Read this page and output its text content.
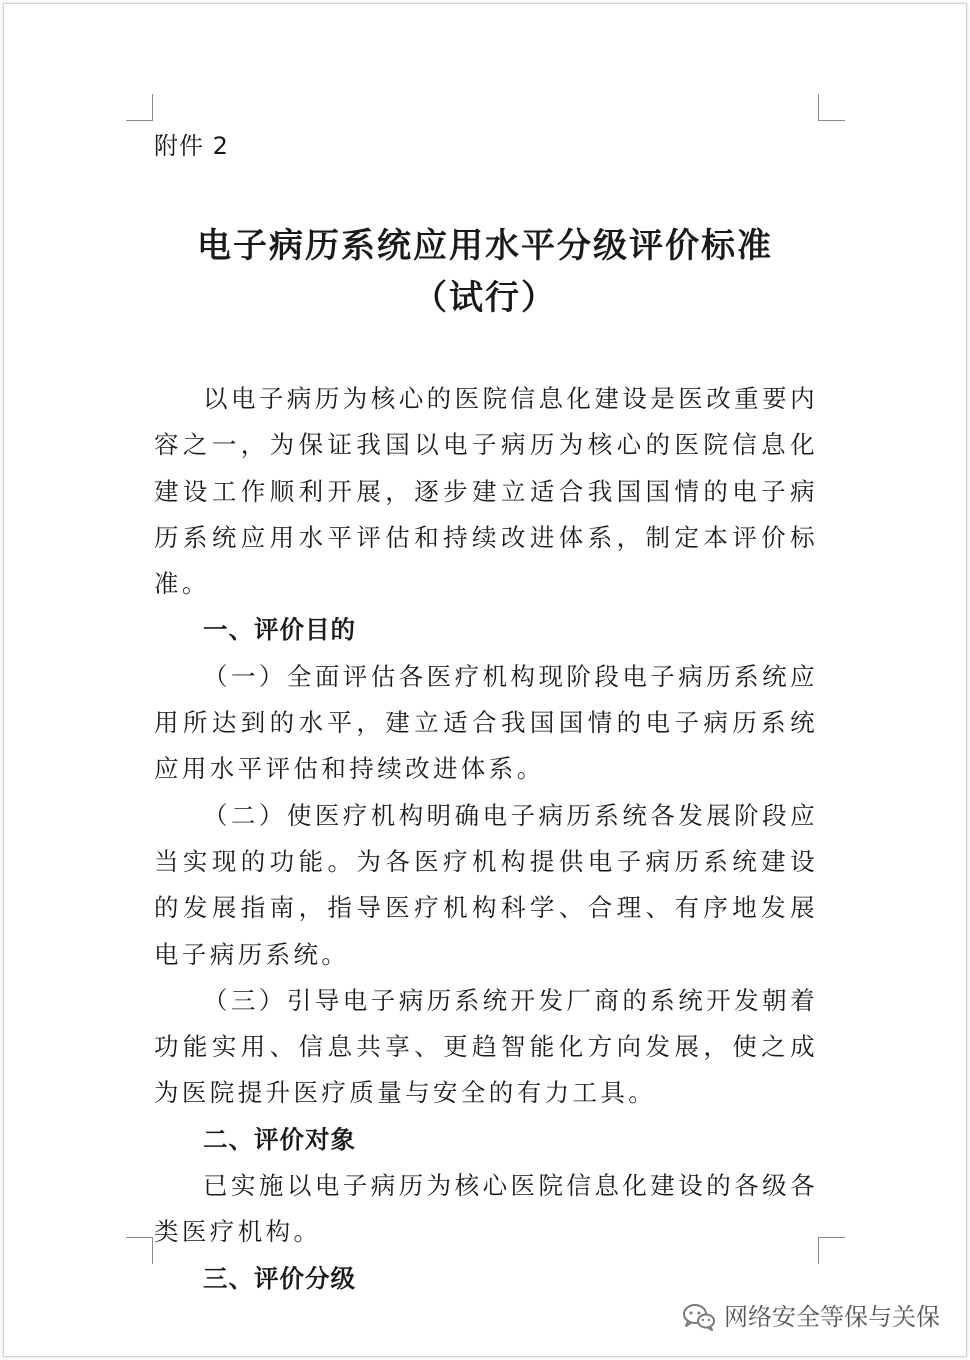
附件 2
电子病历系统应用水平分级评价标准
（试行）

以电子病历为核心的医院信息化建设是医改重要内容之一，为保证我国以电子病历为核心的医院信息化建设工作顺利开展，逐步建立适合我国国情的电子病历系统应用水平评估和持续改进体系，制定本评价标准。

一、评价目的

（一）全面评估各医疗机构现阶段电子病历系统应用所达到的水平，建立适合我国国情的电子病历系统应用水平评估和持续改进体系。

（二）使医疗机构明确电子病历系统各发展阶段应当实现的功能。为各医疗机构提供电子病历系统建设的发展指南，指导医疗机构科学、合理、有序地发展电子病历系统。

（三）引导电子病历系统开发厂商的系统开发朝着功能实用、信息共享、更趋智能化方向发展，使之成为医院提升医疗质量与安全的有力工具。

二、评价对象

已实施以电子病历为核心医院信息化建设的各级各类医疗机构。

三、评价分级
网络安全等保与关保
